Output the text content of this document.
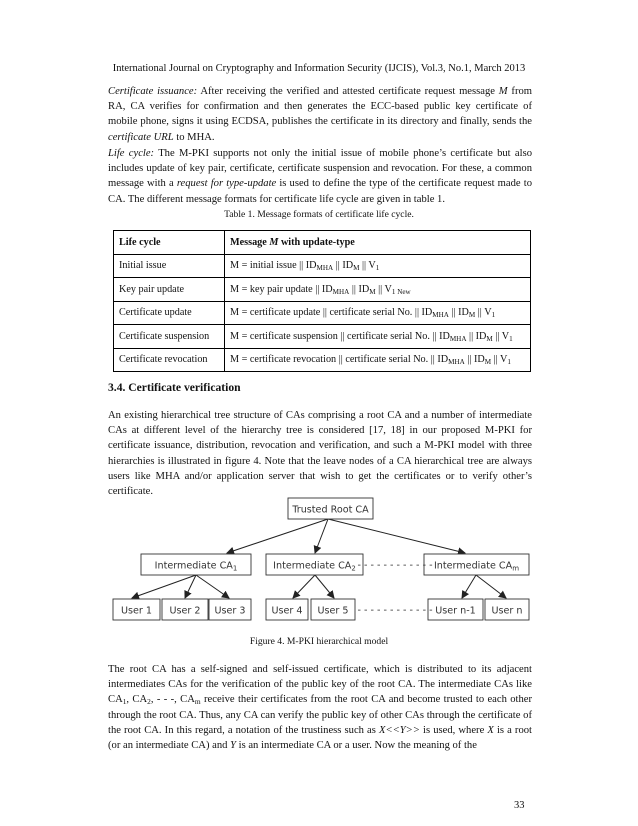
International Journal on Cryptography and Information Security (IJCIS), Vol.3, No.1, March 2013

Certificate issuance: After receiving the verified and attested certificate request message M from RA, CA verifies for confirmation and then generates the ECC-based public key certificate of mobile phone, signs it using ECDSA, publishes the certificate in its directory and finally, sends the certificate URL to MHA.

Life cycle: The M-PKI supports not only the initial issue of mobile phone’s certificate but also includes update of key pair, certificate, certificate suspension and revocation. For these, a common message with a request for type-update is used to define the type of the certificate request made to CA. The different message formats for certificate life cycle are given in table 1.

Table 1. Message formats of certificate life cycle.
Life cycle	Message M with update-type
Initial issue	M = initial issue || $ID_{MHA}$ || $ID_M$ || $V_1$
Key pair update	M = key pair update || $ID_{MHA}$ || $ID_M$ || $V_{1 New}$
Certificate update	M = certificate update || certificate serial No. || $ID_{MHA}$ || $ID_M$ || $V_1$
Certificate suspension	M = certificate suspension || certificate serial No. || $ID_{MHA}$ || $ID_M$ || $V_1$
Certificate revocation	M = certificate revocation || certificate serial No. || $ID_{MHA}$ || $ID_M$ || $V_1$
3.4. Certificate verification

An existing hierarchical tree structure of CAs comprising a root CA and a number of intermediate CAs at different level of the hierarchy tree is considered [17, 18] in our proposed M-PKI for certificate issuance, distribution, revocation and verification, and such a M-PKI model with three hierarchies is illustrated in figure 4. Note that the leave nodes of a CA hierarchical tree are always users like MHA and/or application server that wish to get the certificates or to verify other’s certificate.

Trusted Root CA
Intermediate $CA_1$	Intermediate $CA_2$	Intermediate $CA_m$
User 1 User 2 User 3	User 4 User 5	User n-1 User n
- - - - - - - - - - - -
- - - - - - - - - - - -
Figure 4. M-PKI hierarchical model

The root CA has a self-signed and self-issued certificate, which is distributed to its adjacent intermediates CAs for the verification of the public key of the root CA. The intermediate CAs like $CA_1$, $CA_2$, - - -, $CA_m$ receive their certificates from the root CA and become trusted to each other through the root CA. Thus, any CA can verify the public key of other CAs through the certificate of the root CA. In this regard, a notation of the trustiness such as X<<Y>> is used, where X is a root (or an intermediate CA) and Y is an intermediate CA or a user. Now the meaning of the

33
